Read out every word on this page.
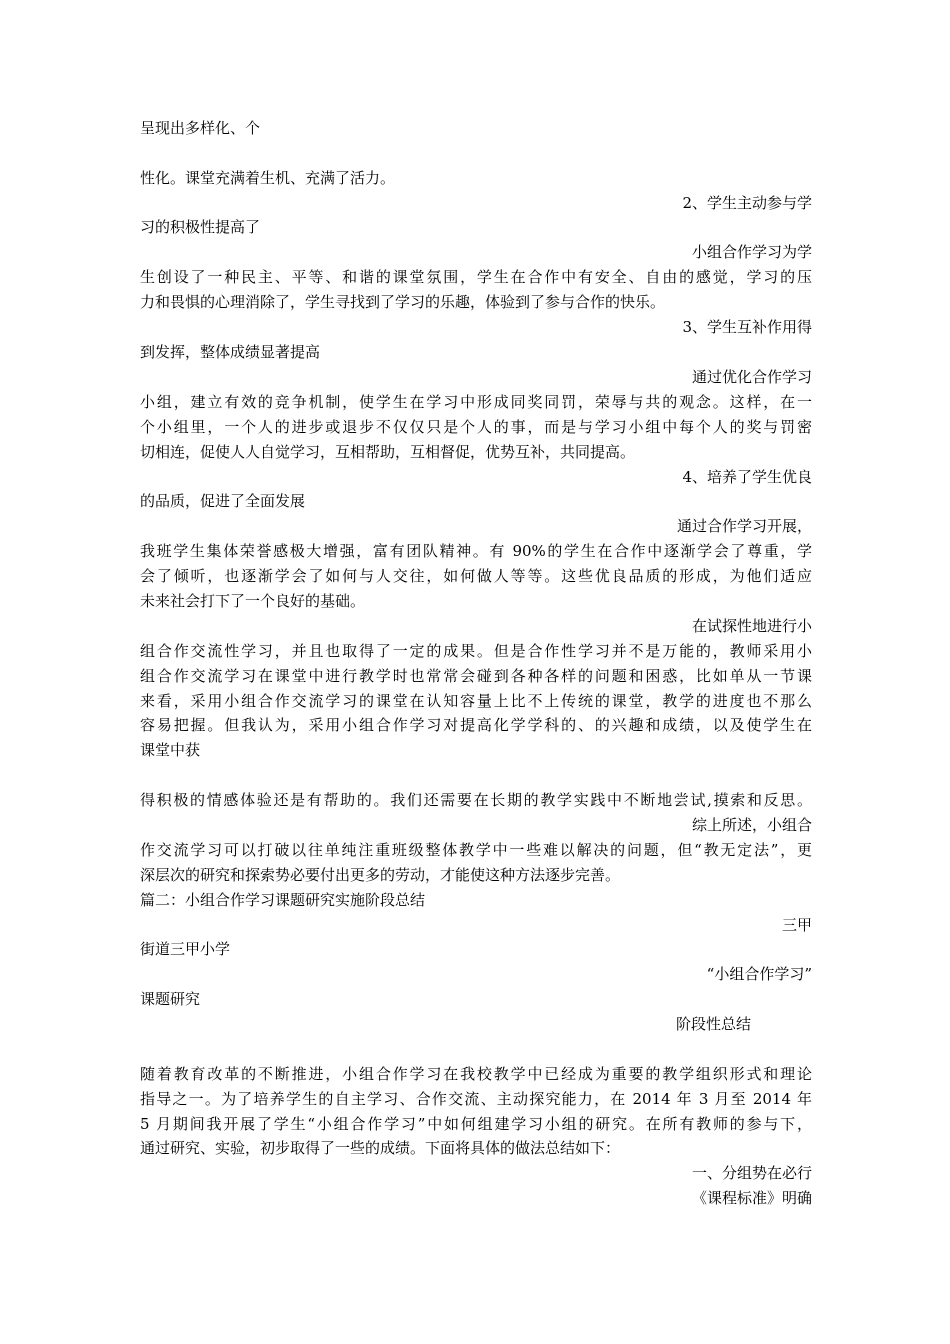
呈现出多样化、个
性化。课堂充满着生机、充满了活力。
2、学生主动参与学
习的积极性提高了
小组合作学习为学
生创设了一种民主、平等、和谐的课堂氛围，学生在合作中有安全、自由的感觉，学习的压
力和畏惧的心理消除了，学生寻找到了学习的乐趣，体验到了参与合作的快乐。
3、学生互补作用得
到发挥，整体成绩显著提高
通过优化合作学习
小组，建立有效的竞争机制，使学生在学习中形成同奖同罚，荣辱与共的观念。这样，在一
个小组里，一个人的进步或退步不仅仅只是个人的事，而是与学习小组中每个人的奖与罚密
切相连，促使人人自觉学习，互相帮助，互相督促，优势互补，共同提高。
4、培养了学生优良
的品质，促进了全面发展
通过合作学习开展，
我班学生集体荣誉感极大增强，富有团队精神。有 90%的学生在合作中逐渐学会了尊重，学
会了倾听，也逐渐学会了如何与人交往，如何做人等等。这些优良品质的形成，为他们适应
未来社会打下了一个良好的基础。
在试探性地进行小
组合作交流性学习，并且也取得了一定的成果。但是合作性学习并不是万能的，教师采用小
组合作交流学习在课堂中进行教学时也常常会碰到各种各样的问题和困惑，比如单从一节课
来看，采用小组合作交流学习的课堂在认知容量上比不上传统的课堂，教学的进度也不那么
容易把握。但我认为，采用小组合作学习对提高化学学科的、的兴趣和成绩，以及使学生在
课堂中获
得积极的情感体验还是有帮助的。我们还需要在长期的教学实践中不断地尝试,摸索和反思。
综上所述，小组合
作交流学习可以打破以往单纯注重班级整体教学中一些难以解决的问题，但“教无定法”，更
深层次的研究和探索势必要付出更多的劳动，才能使这种方法逐步完善。
篇二：小组合作学习课题研究实施阶段总结
三甲
街道三甲小学
“小组合作学习”
课题研究
阶段性总结
随着教育改革的不断推进，小组合作学习在我校教学中已经成为重要的教学组织形式和理论
指导之一。为了培养学生的自主学习、合作交流、主动探究能力，在 2014 年 3 月至 2014 年
5 月期间我开展了学生“小组合作学习”中如何组建学习小组的研究。在所有教师的参与下，
通过研究、实验，初步取得了一些的成绩。下面将具体的做法总结如下：
一、分组势在必行
《课程标准》明确
